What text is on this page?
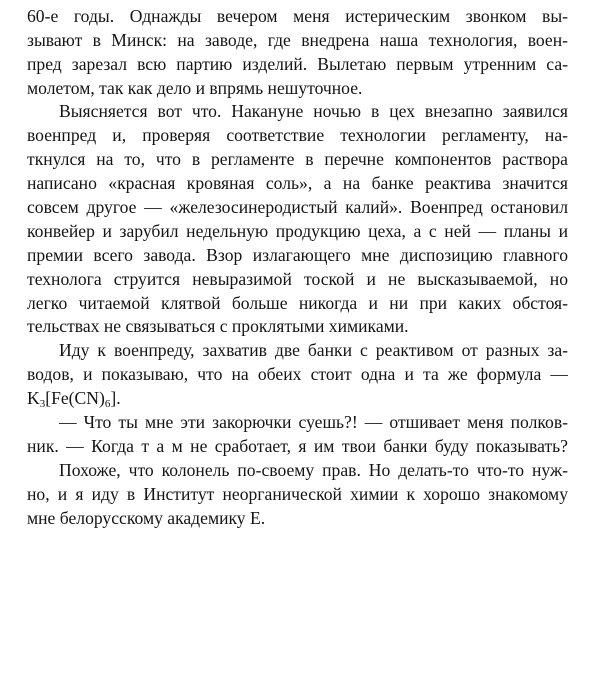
60-е годы. Однажды вечером меня истерическим звонком вы-
зывают в Минск: на заводе, где внедрена наша технология, воен-
пред зарезал всю партию изделий. Вылетаю первым утренним са-
молетом, так как дело и впрямь нешуточное.
Выясняется вот что. Накануне ночью в цех внезапно заявился
военпред и, проверяя соответствие технологии регламенту, на-
ткнулся на то, что в регламенте в перечне компонентов раствора
написано «красная кровяная соль», а на банке реактива значится
совсем другое — «железосинеродистый калий». Военпред остановил
конвейер и зарубил недельную продукцию цеха, а с ней — планы и
премии всего завода. Взор излагающего мне диспозицию главного
технолога струится невыразимой тоской и не высказываемой, но
легко читаемой клятвой больше никогда и ни при каких обстоя-
тельствах не связываться с проклятыми химиками.
Иду к военпреду, захватив две банки с реактивом от разных за-
водов, и показываю, что на обеих стоит одна и та же формула —
$K_3[Fe(CN)_6]$.
— Что ты мне эти закорючки суешь?! — отшивает меня полков-
ник. — Когда т а м не сработает, я им твои банки буду показывать?
Похоже, что колонель по-своему прав. Но делать-то что-то нуж-
но, и я иду в Институт неорганической химии к хорошо знакомому
мне белорусскому академику Е.
